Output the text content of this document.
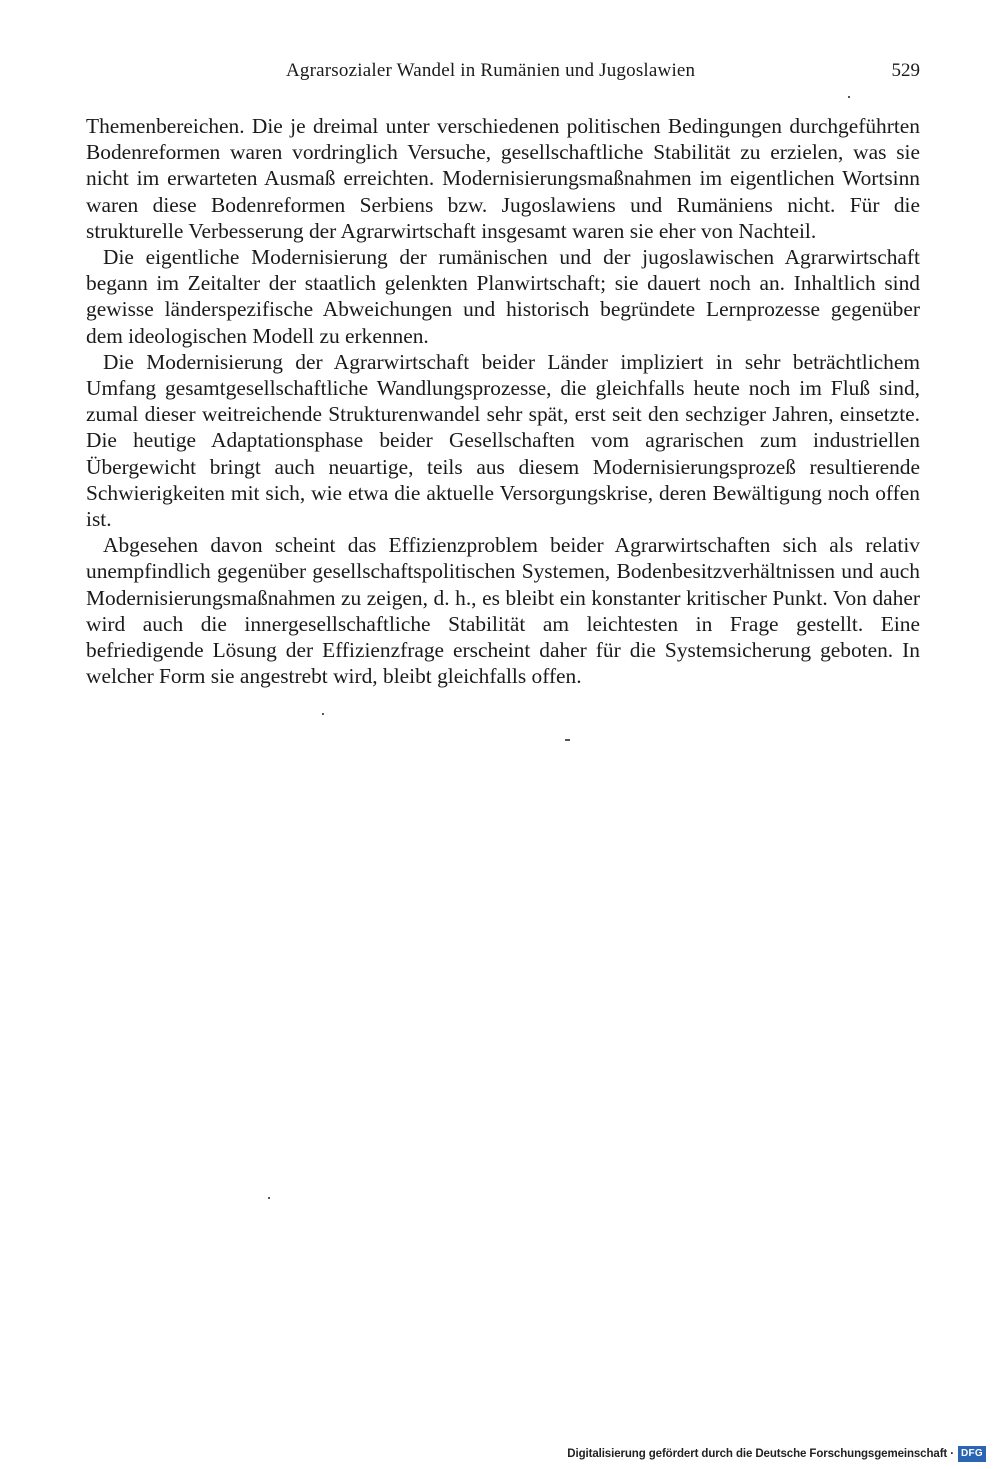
Agrarsozialer Wandel in Rumänien und Jugoslawien	529

Themenbereichen. Die je dreimal unter verschiedenen politischen Bedingungen durchgeführten Bodenreformen waren vordringlich Versuche, gesellschaftliche Stabilität zu erzielen, was sie nicht im erwarteten Ausmaß erreichten. Modernisierungsmaßnahmen im eigentlichen Wortsinn waren diese Bodenreformen Serbiens bzw. Jugoslawiens und Rumäniens nicht. Für die strukturelle Verbesserung der Agrarwirtschaft insgesamt waren sie eher von Nachteil.

Die eigentliche Modernisierung der rumänischen und der jugoslawischen Agrarwirtschaft begann im Zeitalter der staatlich gelenkten Planwirtschaft; sie dauert noch an. Inhaltlich sind gewisse länderspezifische Abweichungen und historisch begründete Lernprozesse gegenüber dem ideologischen Modell zu erkennen.

Die Modernisierung der Agrarwirtschaft beider Länder impliziert in sehr beträchtlichem Umfang gesamtgesellschaftliche Wandlungsprozesse, die gleichfalls heute noch im Fluß sind, zumal dieser weitreichende Strukturenwandel sehr spät, erst seit den sechziger Jahren, einsetzte. Die heutige Adaptationsphase beider Gesellschaften vom agrarischen zum industriellen Übergewicht bringt auch neuartige, teils aus diesem Modernisierungsprozeß resultierende Schwierigkeiten mit sich, wie etwa die aktuelle Versorgungskrise, deren Bewältigung noch offen ist.

Abgesehen davon scheint das Effizienzproblem beider Agrarwirtschaften sich als relativ unempfindlich gegenüber gesellschaftspolitischen Systemen, Bodenbesitzverhältnissen und auch Modernisierungsmaßnahmen zu zeigen, d. h., es bleibt ein konstanter kritischer Punkt. Von daher wird auch die innergesellschaftliche Stabilität am leichtesten in Frage gestellt. Eine befriedigende Lösung der Effizienzfrage erscheint daher für die Systemsicherung geboten. In welcher Form sie angestrebt wird, bleibt gleichfalls offen.

Digitalisierung gefördert durch die Deutsche Forschungsgemeinschaft · DFG
